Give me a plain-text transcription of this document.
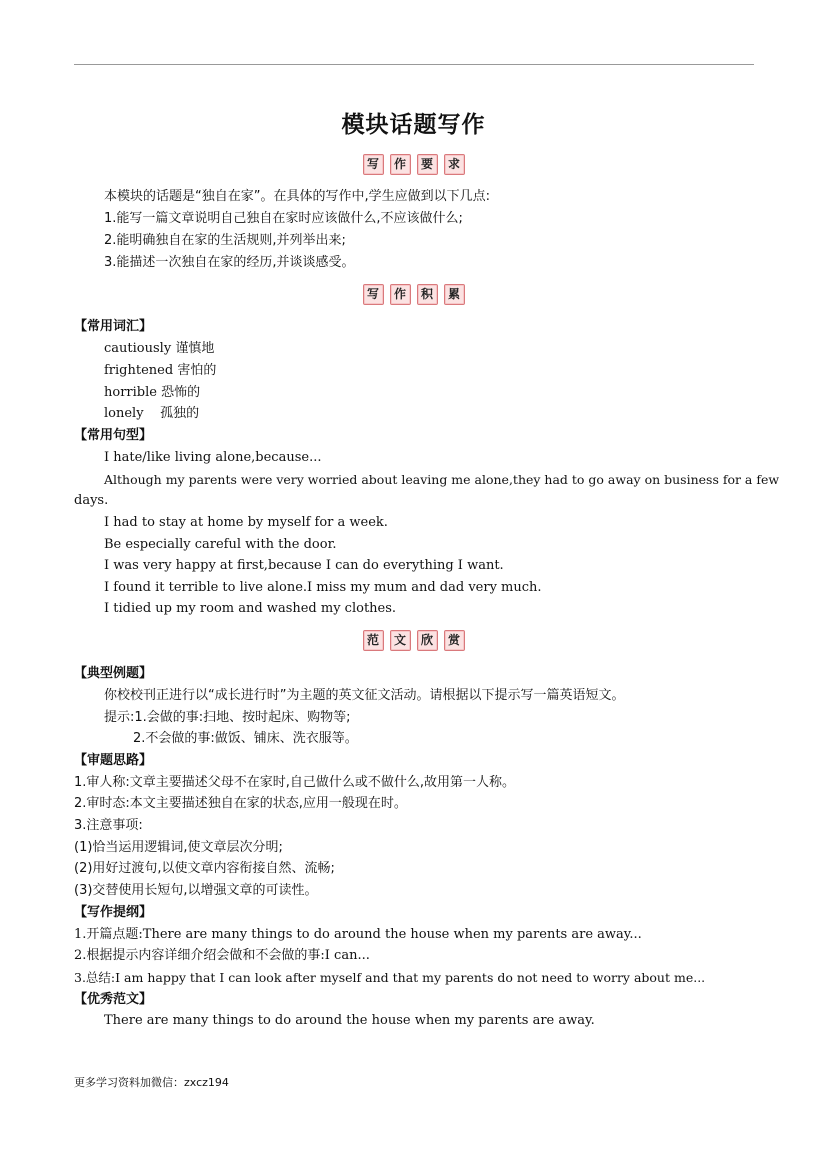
模块话题写作
写 作 要 求
本模块的话题是“独自在家”。在具体的写作中,学生应做到以下几点:
1.能写一篇文章说明自己独自在家时应该做什么,不应该做什么;
2.能明确独自在家的生活规则,并列举出来;
3.能描述一次独自在家的经历,并谈谈感受。
写 作 积 累
【常用词汇】
cautiously 谨慎地
frightened 害怕的
horrible 恐怖的
lonely 孤独的
【常用句型】
I hate/like living alone,because...
Although my parents were very worried about leaving me alone,they had to go away on business for a few
days.
I had to stay at home by myself for a week.
Be especially careful with the door.
I was very happy at first,because I can do everything I want.
I found it terrible to live alone.I miss my mum and dad very much.
I tidied up my room and washed my clothes.
范 文 欣 赏
【典型例题】
你校校刊正进行以“成长进行时”为主题的英文征文活动。请根据以下提示写一篇英语短文。
提示:1.会做的事:扫地、按时起床、购物等;
2.不会做的事:做饭、铺床、洗衣服等。
【审题思路】
1.审人称:文章主要描述父母不在家时,自己做什么或不做什么,故用第一人称。
2.审时态:本文主要描述独自在家的状态,应用一般现在时。
3.注意事项:
(1)恰当运用逻辑词,使文章层次分明;
(2)用好过渡句,以使文章内容衔接自然、流畅;
(3)交替使用长短句,以增强文章的可读性。
【写作提纲】
1.开篇点题:There are many things to do around the house when my parents are away...
2.根据提示内容详细介绍会做和不会做的事:I can...
3.总结:I am happy that I can look after myself and that my parents do not need to worry about me...
【优秀范文】
There are many things to do around the house when my parents are away.
更多学习资料加微信：zxcz194
